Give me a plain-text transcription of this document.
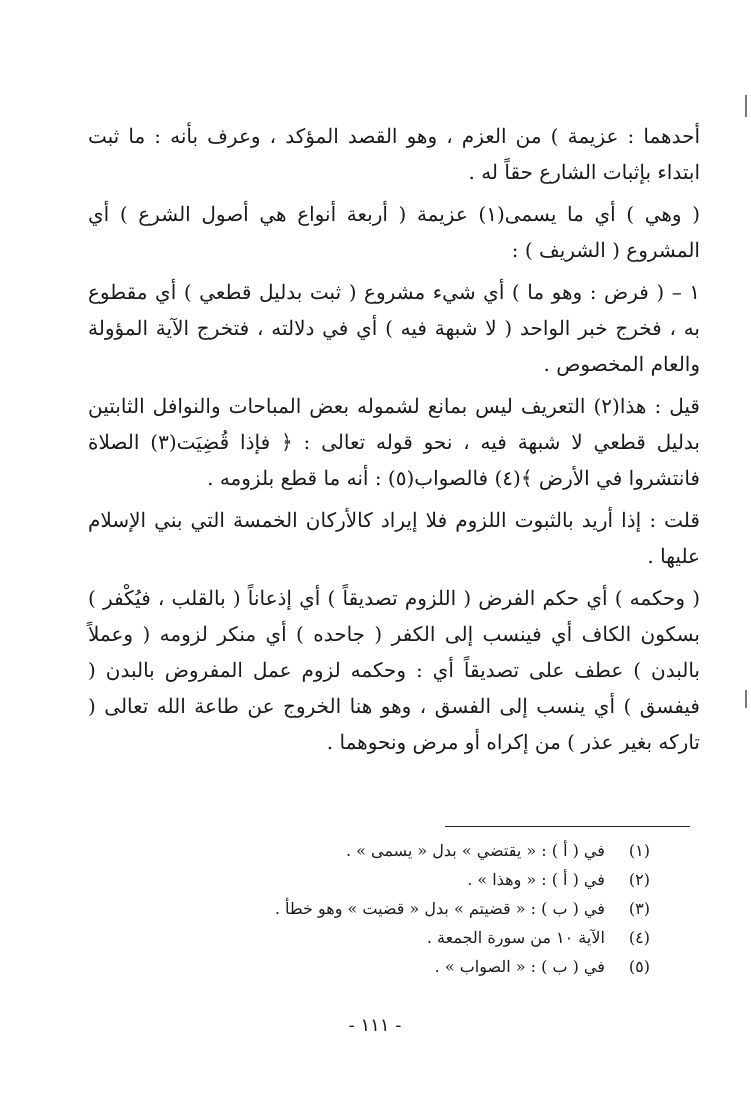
أحدهما : عزيمة ) من العزم ، وهو القصد المؤكد ، وعرف بأنه : ما ثبت ابتداء بإثبات الشارع حقاً له .

( وهي ) أي ما يسمى(١) عزيمة ( أربعة أنواع هي أصول الشرع ) أي المشروع ( الشريف ) :

١ – ( فرض : وهو ما ) أي شيء مشروع ( ثبت بدليل قطعي ) أي مقطوع به ، فخرج خبر الواحد ( لا شبهة فيه ) أي في دلالته ، فتخرج الآية المؤولة والعام المخصوص .

قيل : هذا(٢) التعريف ليس بمانع لشموله بعض المباحات والنوافل الثابتين بدليل قطعي لا شبهة فيه ، نحو قوله تعالى : ﴿ فإذا قُضِيَت(٣) الصلاة فانتشروا في الأرض ﴾(٤) فالصواب(٥) : أنه ما قطع بلزومه .

قلت : إذا أريد بالثبوت اللزوم فلا إيراد كالأركان الخمسة التي بني الإسلام عليها .

( وحكمه ) أي حكم الفرض ( اللزوم تصديقاً ) أي إذعاناً ( بالقلب ، فيُكْفر ) بسكون الكاف أي فينسب إلى الكفر ( جاحده ) أي منكر لزومه ( وعملاً بالبدن ) عطف على تصديقاً أي : وحكمه لزوم عمل المفروض بالبدن ( فيفسق ) أي ينسب إلى الفسق ، وهو هنا الخروج عن طاعة الله تعالى ( تاركه بغير عذر ) من إكراه أو مرض ونحوهما .

(١) في ( أ ) : « يقتضي » بدل « يسمى » .

(٢) في ( أ ) : « وهذا » .

(٣) في ( ب ) : « قضيتم » بدل « قضيت » وهو خطأ .

(٤) الآية ١٠ من سورة الجمعة .

(٥) في ( ب ) : « الصواب » .

- ١١١ -
